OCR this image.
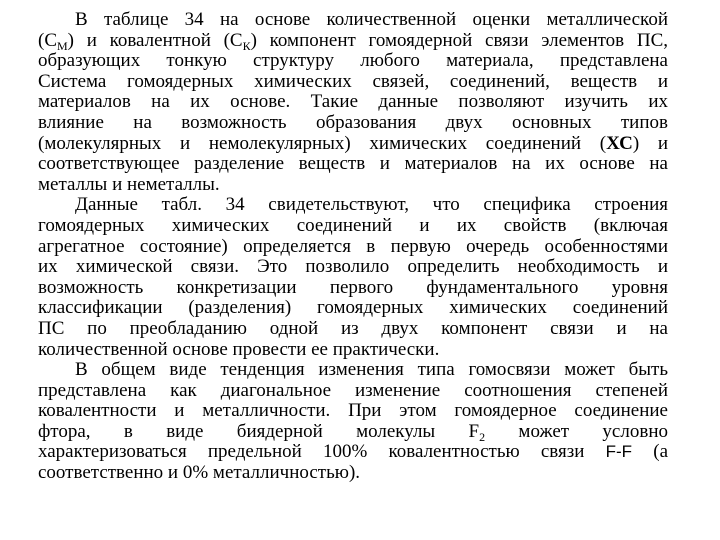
В таблице 34 на основе количественной оценки металлической
$(С_М)$ и ковалентной $(С_К)$ компонент гомоядерной связи элементов ПС,
образующих тонкую структуру любого материала, представлена
Система гомоядерных химических связей, соединений, веществ и
материалов на их основе. Такие данные позволяют изучить их
влияние на возможность образования двух основных типов
(молекулярных и немолекулярных) химических соединений (ХС) и
соответствующее разделение веществ и материалов на их основе на
металлы и неметаллы.
Данные табл. 34 свидетельствуют, что специфика строения
гомоядерных химических соединений и их свойств (включая
агрегатное состояние) определяется в первую очередь особенностями
их химической связи. Это позволило определить необходимость и
возможность конкретизации первого фундаментального уровня
классификации (разделения) гомоядерных химических соединений
ПС по преобладанию одной из двух компонент связи и на
количественной основе провести ее практически.
В общем виде тенденция изменения типа гомосвязи может быть
представлена как диагональное изменение соотношения степеней
ковалентности и металличности. При этом гомоядерное соединение
фтора, в виде биядерной молекулы $F_2$ может условно
характеризоваться предельной 100% ковалентностью связи F-F (а
соответственно и 0% металличностью).
